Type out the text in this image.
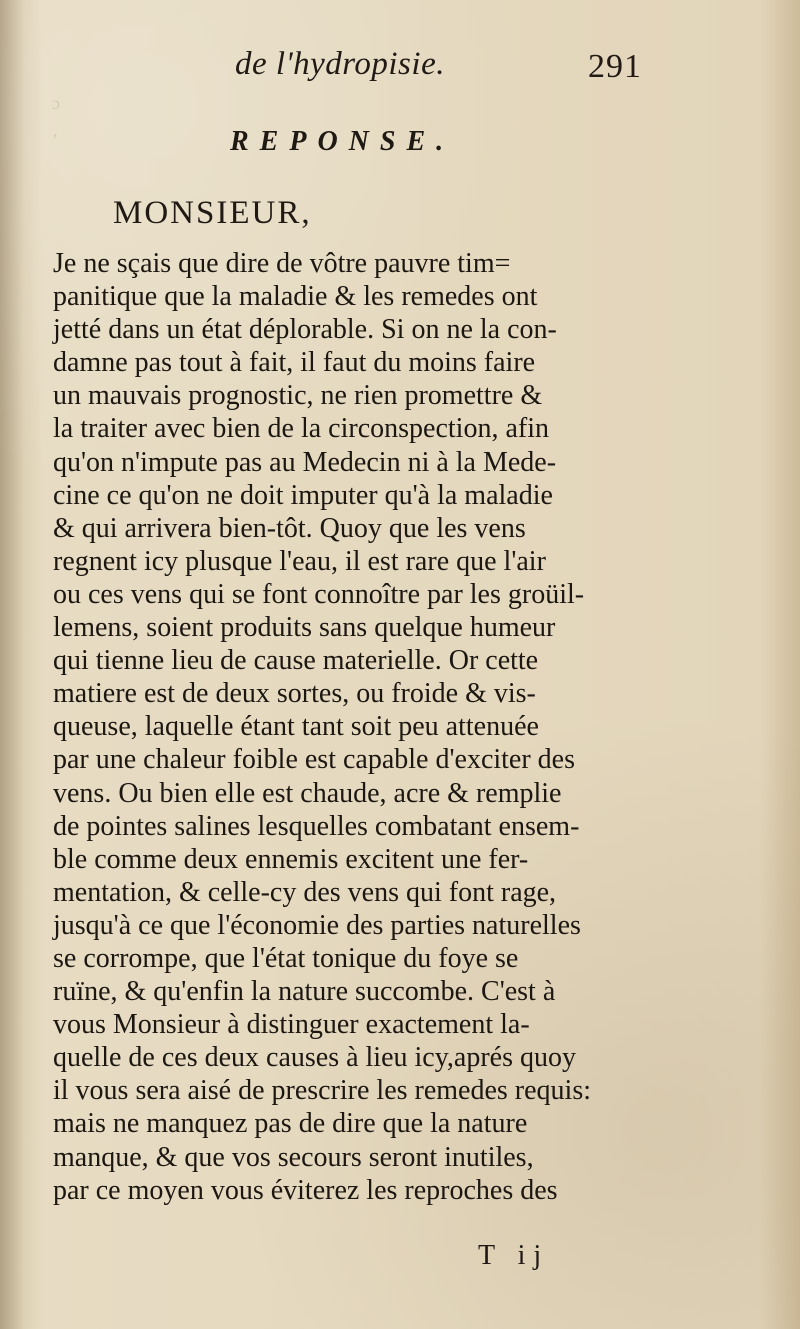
ɔ
ʼ
de l'hydropisie.	291
REPONSE.
MONSIEUR,
Je ne sçais que dire de vôtre pauvre tim=
panitique que la maladie & les remedes ont
jetté dans un état déplorable. Si on ne la con-
damne pas tout à fait, il faut du moins faire
un mauvais prognostic, ne rien promettre &
la traiter avec bien de la circonspection, afin
qu'on n'impute pas au Medecin ni à la Mede-
cine ce qu'on ne doit imputer qu'à la maladie
& qui arrivera bien-tôt. Quoy que les vens
regnent icy plusque l'eau, il est rare que l'air
ou ces vens qui se font connoître par les groüil-
lemens, soient produits sans quelque humeur
qui tienne lieu de cause materielle. Or cette
matiere est de deux sortes, ou froide & vis-
queuse, laquelle étant tant soit peu attenuée
par une chaleur foible est capable d'exciter des
vens. Ou bien elle est chaude, acre & remplie
de pointes salines lesquelles combatant ensem-
ble comme deux ennemis excitent une fer-
mentation, & celle-cy des vens qui font rage,
jusqu'à ce que l'économie des parties naturelles
se corrompe, que l'état tonique du foye se
ruïne, & qu'enfin la nature succombe. C'est à
vous Monsieur à distinguer exactement la-
quelle de ces deux causes à lieu icy,aprés quoy
il vous sera aisé de prescrire les remedes requis:
mais ne manquez pas de dire que la nature
manque, & que vos secours seront inutiles,
par ce moyen vous éviterez les reproches des
T ij
